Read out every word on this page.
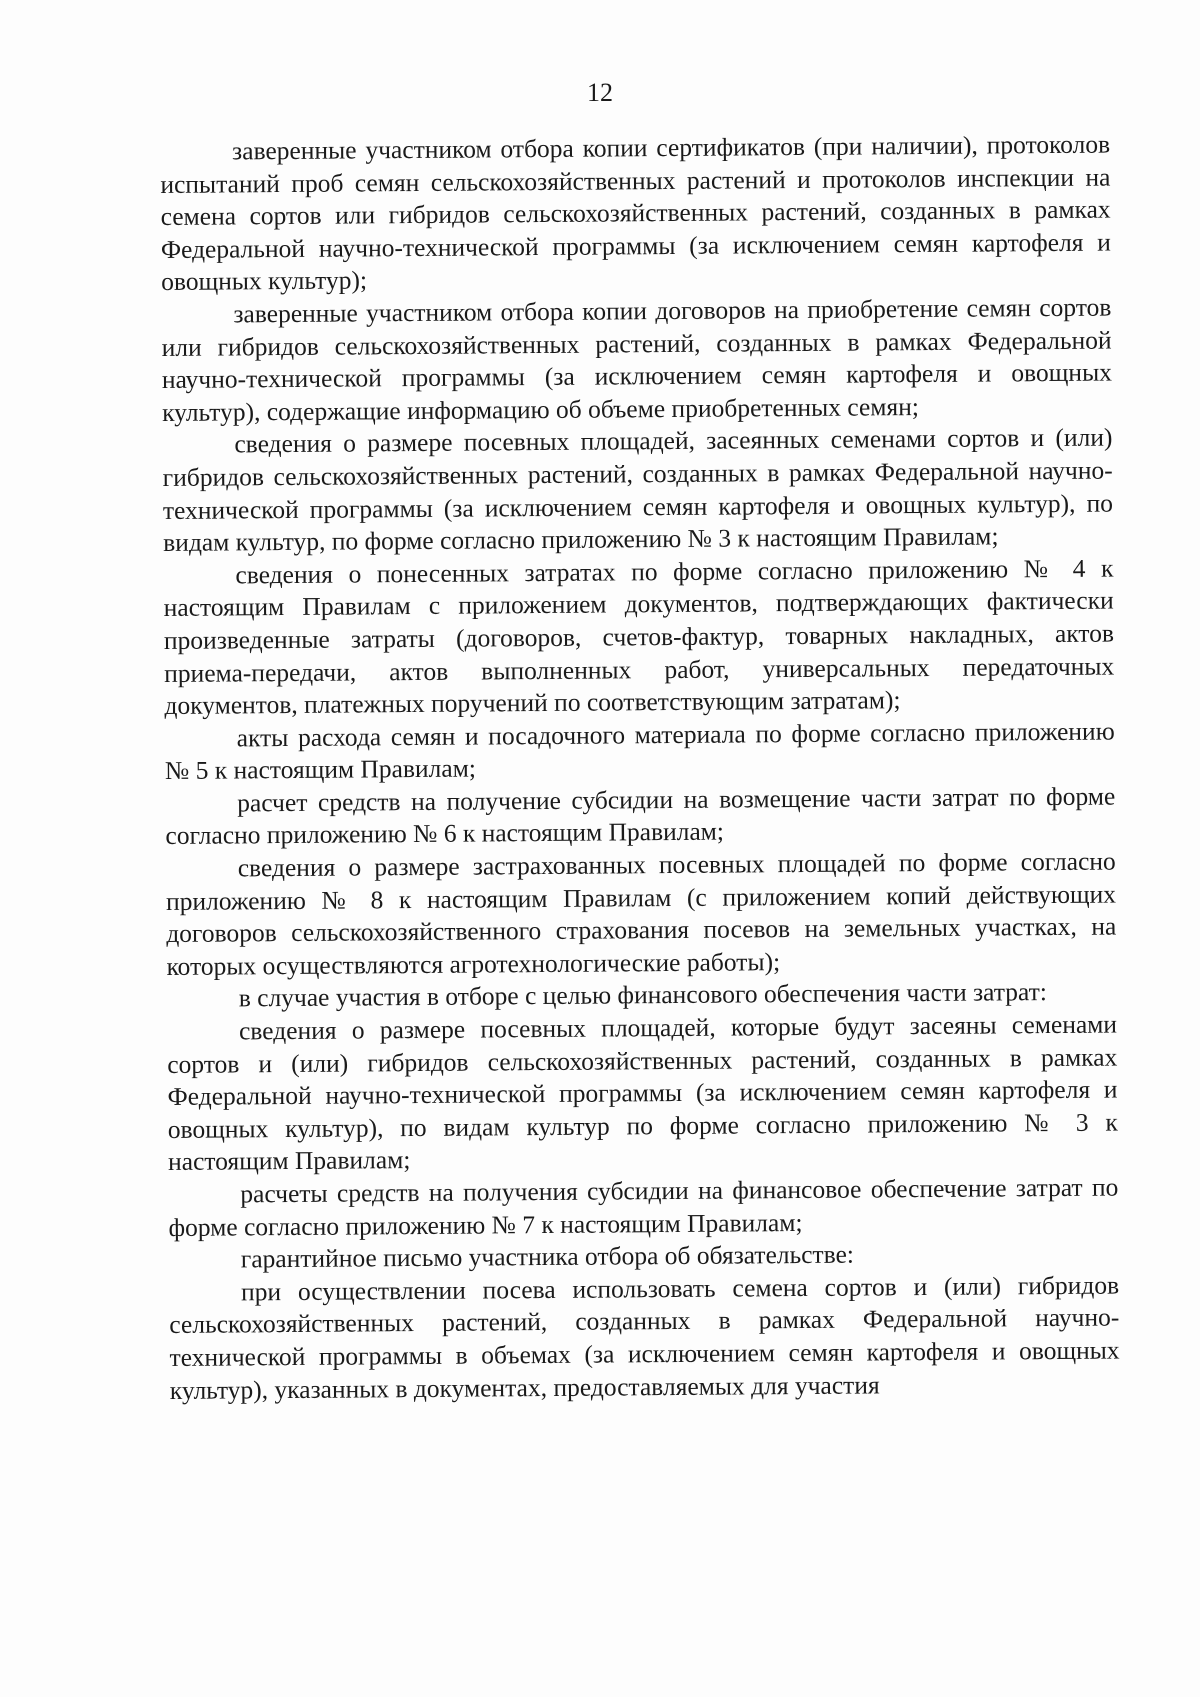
12

заверенные участником отбора копии сертификатов (при наличии), протоколов испытаний проб семян сельскохозяйственных растений и протоколов инспекции на семена сортов или гибридов сельскохозяйственных растений, созданных в рамках Федеральной научно-технической программы (за исключением семян картофеля и овощных культур);

заверенные участником отбора копии договоров на приобретение семян сортов или гибридов сельскохозяйственных растений, созданных в рамках Федеральной научно-технической программы (за исключением семян картофеля и овощных культур), содержащие информацию об объеме приобретенных семян;

сведения о размере посевных площадей, засеянных семенами сортов и (или) гибридов сельскохозяйственных растений, созданных в рамках Федеральной научно-технической программы (за исключением семян картофеля и овощных культур), по видам культур, по форме согласно приложению № 3 к настоящим Правилам;

сведения о понесенных затратах по форме согласно приложению № 4 к настоящим Правилам с приложением документов, подтверждающих фактически произведенные затраты (договоров, счетов-фактур, товарных накладных, актов приема-передачи, актов выполненных работ, универсальных передаточных документов, платежных поручений по соответствующим затратам);

акты расхода семян и посадочного материала по форме согласно приложению № 5 к настоящим Правилам;

расчет средств на получение субсидии на возмещение части затрат по форме согласно приложению № 6 к настоящим Правилам;

сведения о размере застрахованных посевных площадей по форме согласно приложению № 8 к настоящим Правилам (с приложением копий действующих договоров сельскохозяйственного страхования посевов на земельных участках, на которых осуществляются агротехнологические работы);

в случае участия в отборе с целью финансового обеспечения части затрат:

сведения о размере посевных площадей, которые будут засеяны семенами сортов и (или) гибридов сельскохозяйственных растений, созданных в рамках Федеральной научно-технической программы (за исключением семян картофеля и овощных культур), по видам культур по форме согласно приложению № 3 к настоящим Правилам;

расчеты средств на получения субсидии на финансовое обеспечение затрат по форме согласно приложению № 7 к настоящим Правилам;

гарантийное письмо участника отбора об обязательстве:

при осуществлении посева использовать семена сортов и (или) гибридов сельскохозяйственных растений, созданных в рамках Федеральной научно-технической программы в объемах (за исключением семян картофеля и овощных культур), указанных в документах, предоставляемых для участия
